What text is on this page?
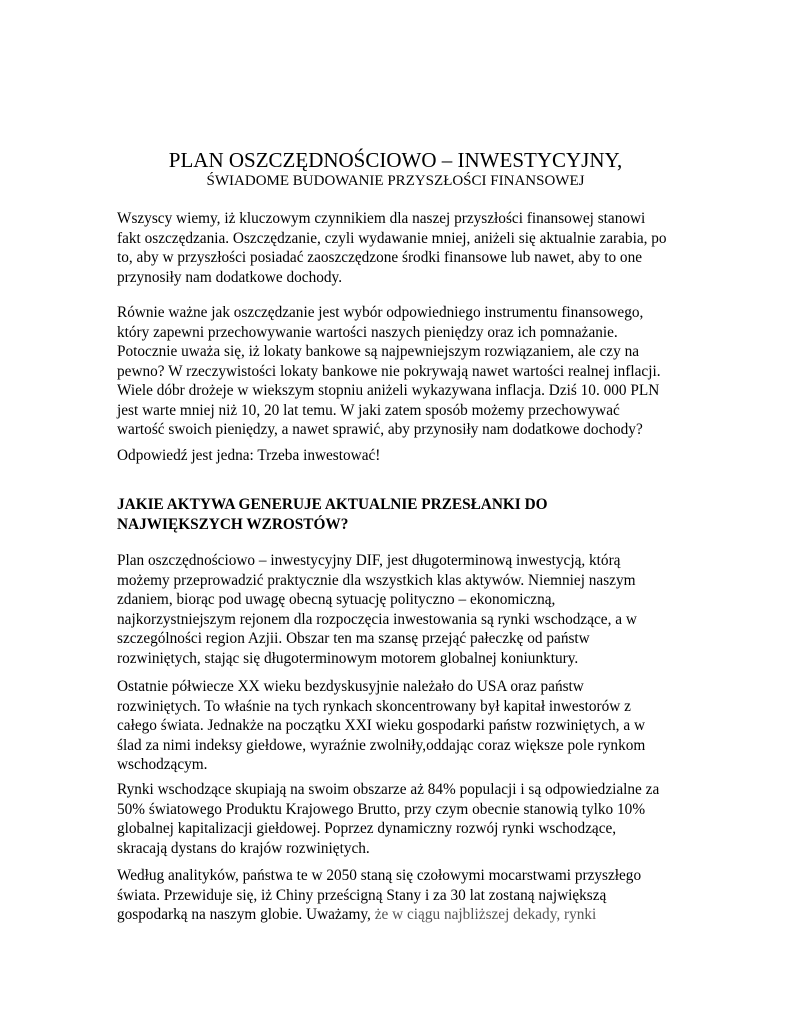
PLAN OSZCZĘDNOŚCIOWO – INWESTYCYJNY,
ŚWIADOME BUDOWANIE PRZYSZŁOŚCI FINANSOWEJ

Wszyscy wiemy, iż kluczowym czynnikiem dla naszej przyszłości finansowej stanowi
fakt oszczędzania. Oszczędzanie, czyli wydawanie mniej, aniżeli się aktualnie zarabia, po
to, aby w przyszłości posiadać zaoszczędzone środki finansowe lub nawet, aby to one
przynosiły nam dodatkowe dochody.

Równie ważne jak oszczędzanie jest wybór odpowiedniego instrumentu finansowego,
który zapewni przechowywanie wartości naszych pieniędzy oraz ich pomnażanie.
Potocznie uważa się, iż lokaty bankowe są najpewniejszym rozwiązaniem, ale czy na
pewno? W rzeczywistości lokaty bankowe nie pokrywają nawet wartości realnej inflacji.
Wiele dóbr drożeje w wiekszym stopniu aniżeli wykazywana inflacja. Dziś 10. 000 PLN
jest warte mniej niż 10, 20 lat temu. W jaki zatem sposób możemy przechowywać
wartość swoich pieniędzy, a nawet sprawić, aby przynosiły nam dodatkowe dochody?

Odpowiedź jest jedna: Trzeba inwestować!

JAKIE AKTYWA GENERUJE AKTUALNIE PRZESŁANKI DO
NAJWIĘKSZYCH WZROSTÓW?

Plan oszczędnościowo – inwestycyjny DIF, jest długoterminową inwestycją, którą
możemy przeprowadzić praktycznie dla wszystkich klas aktywów. Niemniej naszym
zdaniem, biorąc pod uwagę obecną sytuację polityczno – ekonomiczną,
najkorzystniejszym rejonem dla rozpoczęcia inwestowania są rynki wschodzące, a w
szczególności region Azjii. Obszar ten ma szansę przejąć pałeczkę od państw
rozwiniętych, stając się długoterminowym motorem globalnej koniunktury.

Ostatnie półwiecze XX wieku bezdyskusyjnie należało do USA oraz państw
rozwiniętych. To właśnie na tych rynkach skoncentrowany był kapitał inwestorów z
całego świata. Jednakże na początku XXI wieku gospodarki państw rozwiniętych, a w
ślad za nimi indeksy giełdowe, wyraźnie zwolniły,oddając coraz większe pole rynkom
wschodzącym.

Rynki wschodzące skupiają na swoim obszarze aż 84% populacji i są odpowiedzialne za
50% światowego Produktu Krajowego Brutto, przy czym obecnie stanowią tylko 10%
globalnej kapitalizacji giełdowej. Poprzez dynamiczny rozwój rynki wschodzące,
skracają dystans do krajów rozwiniętych.

Według analityków, państwa te w 2050 staną się czołowymi mocarstwami przyszłego
świata. Przewiduje się, iż Chiny prześcigną Stany i za 30 lat zostaną największą
gospodarką na naszym globie. Uważamy, że w ciągu najbliższej dekady, rynki
